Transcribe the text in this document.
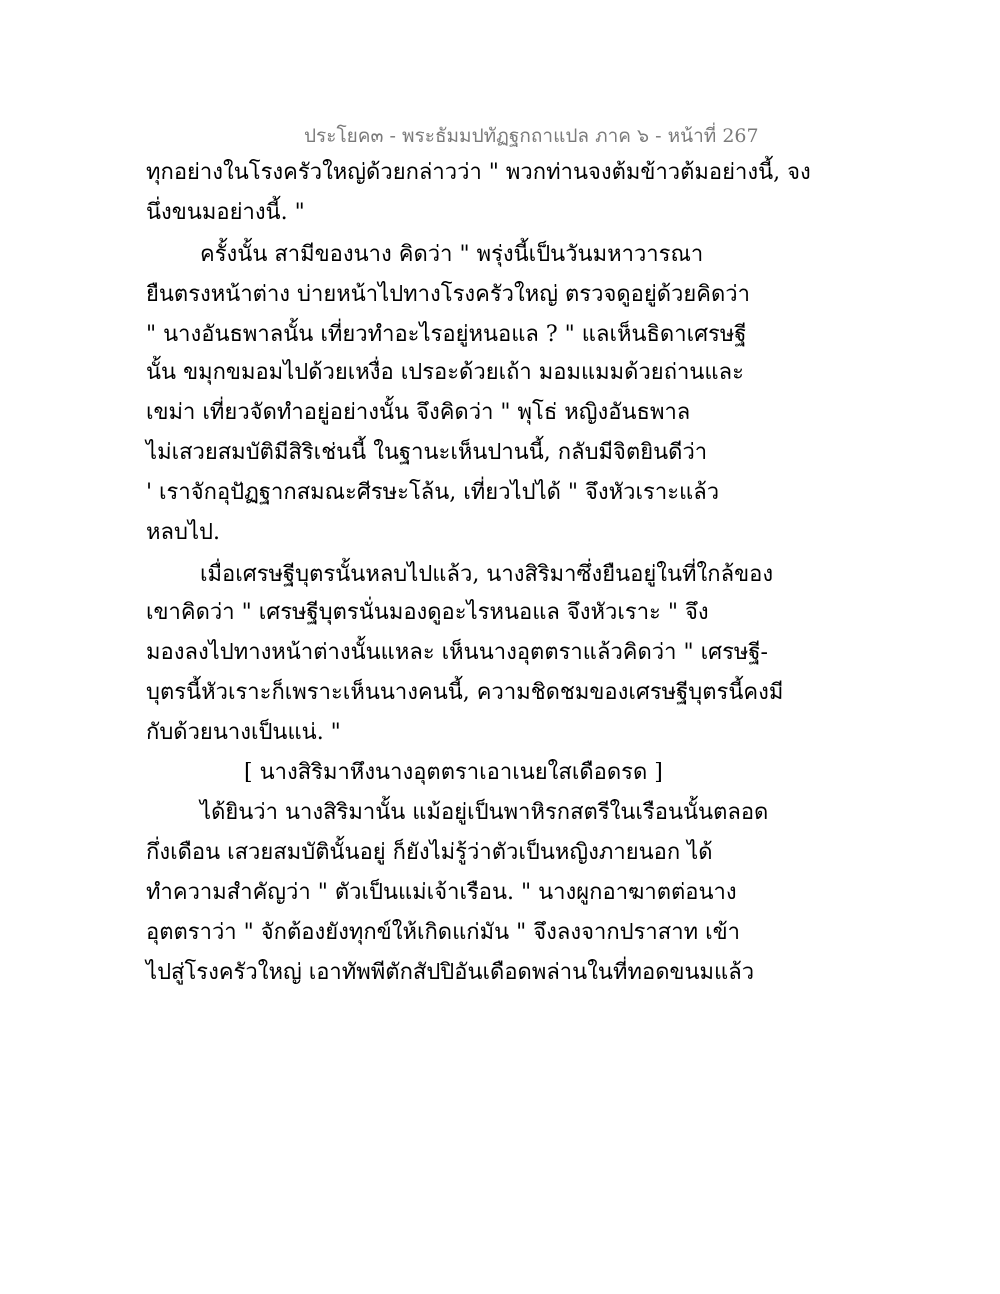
ประโยค๓ - พระธัมมปทัฏฐกถาแปล ภาค ๖ - หน้าที่ 267
ทุกอย่างในโรงครัวใหญ่ด้วยกล่าวว่า " พวกท่านจงต้มข้าวต้มอย่างนี้, จง
นึ่งขนมอย่างนี้. "
ครั้งนั้น สามีของนาง คิดว่า " พรุ่งนี้เป็นวันมหาวารณา
ยืนตรงหน้าต่าง บ่ายหน้าไปทางโรงครัวใหญ่ ตรวจดูอยู่ด้วยคิดว่า
" นางอันธพาลนั้น เที่ยวทำอะไรอยู่หนอแล ? " แลเห็นธิดาเศรษฐี
นั้น ขมุกขมอมไปด้วยเหงื่อ เปรอะด้วยเถ้า มอมแมมด้วยถ่านและ
เขม่า เที่ยวจัดทำอยู่อย่างนั้น จึงคิดว่า " พุโธ่ หญิงอันธพาล
ไม่เสวยสมบัติมีสิริเช่นนี้ ในฐานะเห็นปานนี้, กลับมีจิตยินดีว่า
' เราจักอุปัฏฐากสมณะศีรษะโล้น, เที่ยวไปได้ " จึงหัวเราะแล้ว
หลบไป.
เมื่อเศรษฐีบุตรนั้นหลบไปแล้ว, นางสิริมาซึ่งยืนอยู่ในที่ใกล้ของ
เขาคิดว่า " เศรษฐีบุตรนั่นมองดูอะไรหนอแล จึงหัวเราะ " จึง
มองลงไปทางหน้าต่างนั้นแหละ เห็นนางอุตตราแล้วคิดว่า " เศรษฐี-
บุตรนี้หัวเราะก็เพราะเห็นนางคนนี้, ความชิดชมของเศรษฐีบุตรนี้คงมี
กับด้วยนางเป็นแน่. "
[ นางสิริมาหึงนางอุตตราเอาเนยใสเดือดรด ]
ได้ยินว่า นางสิริมานั้น แม้อยู่เป็นพาหิรกสตรีในเรือนนั้นตลอด
กึ่งเดือน เสวยสมบัตินั้นอยู่ ก็ยังไม่รู้ว่าตัวเป็นหญิงภายนอก ได้
ทำความสำคัญว่า " ตัวเป็นแม่เจ้าเรือน. " นางผูกอาฆาตต่อนาง
อุตตราว่า " จักต้องยังทุกข์ให้เกิดแก่มัน " จึงลงจากปราสาท เข้า
ไปสู่โรงครัวใหญ่ เอาทัพพีตักสัปปิอันเดือดพล่านในที่ทอดขนมแล้ว
